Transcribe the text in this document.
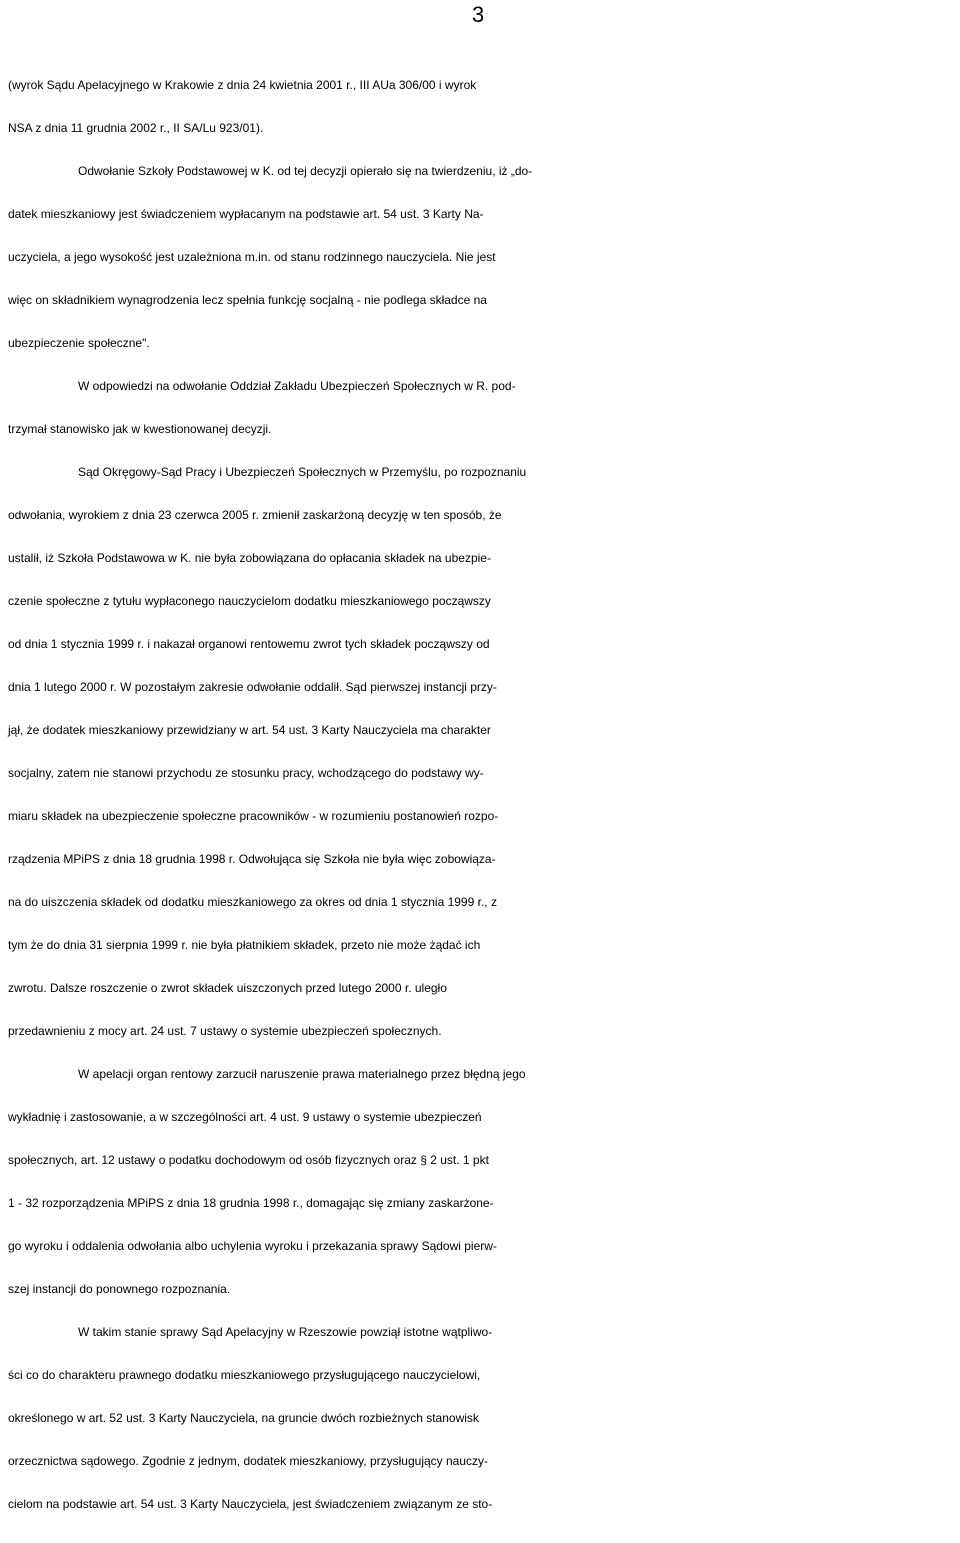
3
(wyrok Sądu Apelacyjnego w Krakowie z dnia 24 kwietnia 2001 r., III AUa 306/00 i wyrok
NSA z dnia 11 grudnia 2002 r., II SA/Lu 923/01).
Odwołanie Szkoły Podstawowej w K. od tej decyzji opierało się na twierdzeniu, iż „do-
datek mieszkaniowy jest świadczeniem wypłacanym na podstawie art. 54 ust. 3 Karty Na-
uczyciela, a jego wysokość jest uzależniona m.in. od stanu rodzinnego nauczyciela. Nie jest
więc on składnikiem wynagrodzenia lecz spełnia funkcję socjalną - nie podlega składce na
ubezpieczenie społeczne".
W odpowiedzi na odwołanie Oddział Zakładu Ubezpieczeń Społecznych w R. pod-
trzymał stanowisko jak w kwestionowanej decyzji.
Sąd Okręgowy-Sąd Pracy i Ubezpieczeń Społecznych w Przemyślu, po rozpoznaniu
odwołania, wyrokiem z dnia 23 czerwca 2005 r. zmienił zaskarżoną decyzję w ten sposób, że
ustalił, iż Szkoła Podstawowa w K. nie była zobowiązana do opłacania składek na ubezpie-
czenie społeczne z tytułu wypłaconego nauczycielom dodatku mieszkaniowego począwszy
od dnia 1 stycznia 1999 r. i nakazał organowi rentowemu zwrot tych składek począwszy od
dnia 1 lutego 2000 r. W pozostałym zakresie odwołanie oddalił. Sąd pierwszej instancji przy-
jął, że dodatek mieszkaniowy przewidziany w art. 54 ust. 3 Karty Nauczyciela ma charakter
socjalny, zatem nie stanowi przychodu ze stosunku pracy, wchodzącego do podstawy wy-
miaru składek na ubezpieczenie społeczne pracowników - w rozumieniu postanowień rozpo-
rządzenia MPiPS z dnia 18 grudnia 1998 r. Odwołująca się Szkoła nie była więc zobowiąza-
na do uiszczenia składek od dodatku mieszkaniowego za okres od dnia 1 stycznia 1999 r., z
tym że do dnia 31 sierpnia 1999 r. nie była płatnikiem składek, przeto nie może żądać ich
zwrotu. Dalsze roszczenie o zwrot składek uiszczonych przed lutego 2000 r. uległo
przedawnieniu z mocy art. 24 ust. 7 ustawy o systemie ubezpieczeń społecznych.
W apelacji organ rentowy zarzucił naruszenie prawa materialnego przez błędną jego
wykładnię i zastosowanie, a w szczególności art. 4 ust. 9 ustawy o systemie ubezpieczeń
społecznych, art. 12 ustawy o podatku dochodowym od osób fizycznych oraz § 2 ust. 1 pkt
1 - 32 rozporządzenia MPiPS z dnia 18 grudnia 1998 r., domagając się zmiany zaskarżone-
go wyroku i oddalenia odwołania albo uchylenia wyroku i przekazania sprawy Sądowi pierw-
szej instancji do ponownego rozpoznania.
W takim stanie sprawy Sąd Apelacyjny w Rzeszowie powziął istotne wątpliwo-
ści co do charakteru prawnego dodatku mieszkaniowego przysługującego nauczycielowi,
określonego w art. 52 ust. 3 Karty Nauczyciela, na gruncie dwóch rozbieżnych stanowisk
orzecznictwa sądowego. Zgodnie z jednym, dodatek mieszkaniowy, przysługujący nauczy-
cielom na podstawie art. 54 ust. 3 Karty Nauczyciela, jest świadczeniem związanym ze sto-
